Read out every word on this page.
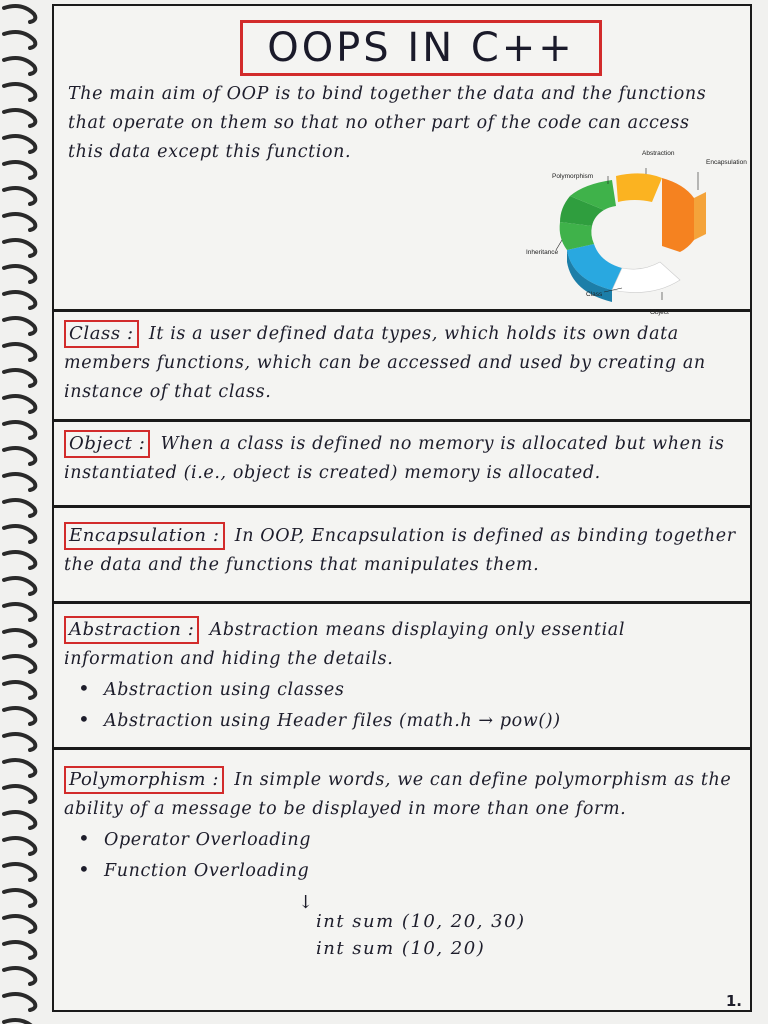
OOPS IN C++
The main aim of OOP is to bind together the data and the functions that operate on them so that no other part of the code can access this data except this function.	Abstraction
Encapsulation
Polymorphism
Inheritance
Class
Object
Class : It is a user defined data types, which holds its own data members functions, which can be accessed and used by creating an instance of that class.
Object : When a class is defined no memory is allocated but when is instantiated (i.e., object is created) memory is allocated.
Encapsulation : In OOP, Encapsulation is defined as binding together the data and the functions that manipulates them.
Abstraction : Abstraction means displaying only essential information and hiding the details.
• Abstraction using classes
• Abstraction using Header files (math.h → pow())
Polymorphism : In simple words, we can define polymorphism as the ability of a message to be displayed in more than one form.
• Operator Overloading
• Function Overloading
↓
int sum (10, 20, 30)
int sum (10, 20)
1.
